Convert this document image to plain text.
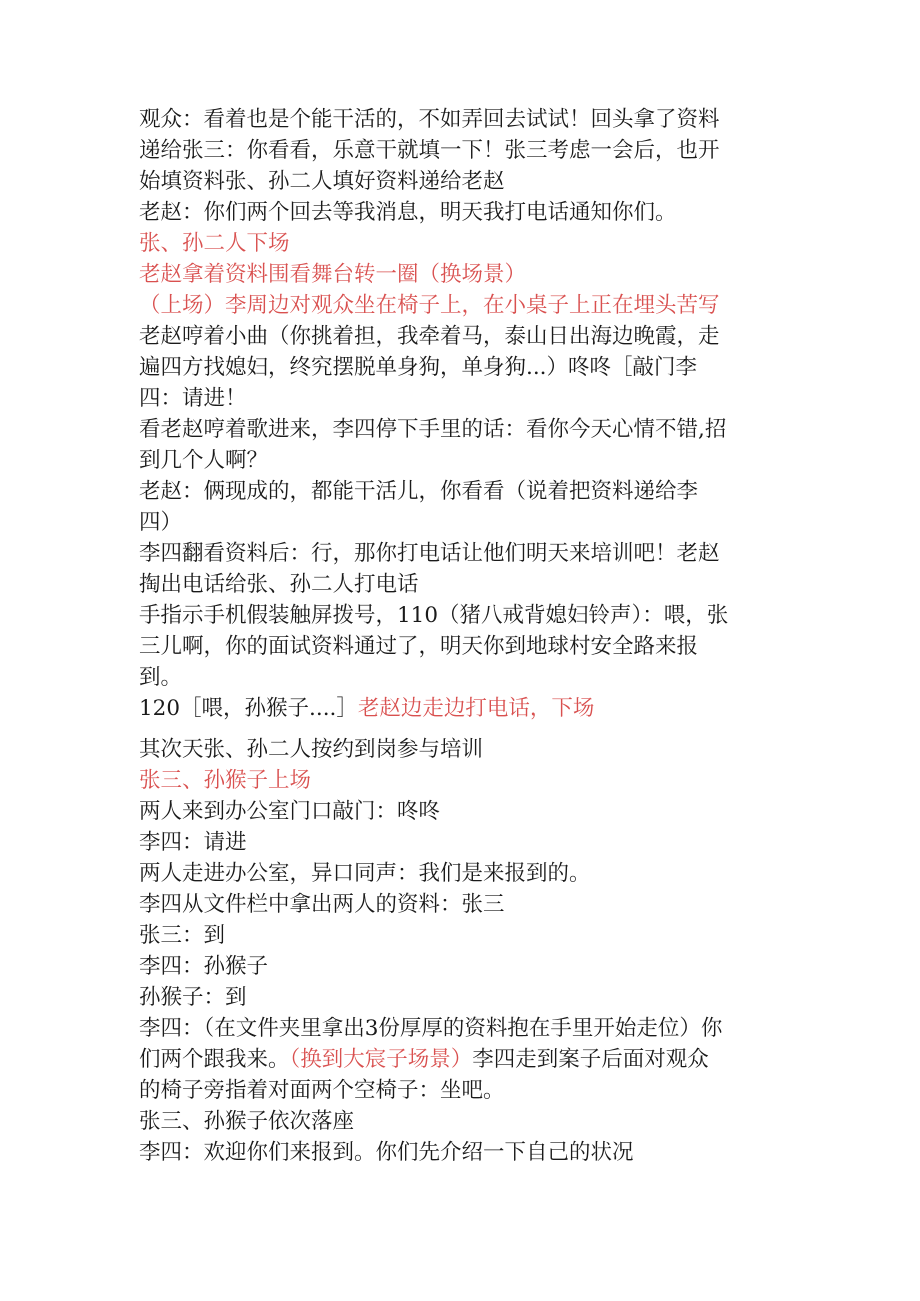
观众：看着也是个能干活的，不如弄回去试试！回头拿了资料
递给张三：你看看，乐意干就填一下！张三考虑一会后，也开
始填资料张、孙二人填好资料递给老赵
老赵：你们两个回去等我消息，明天我打电话通知你们。
张、孙二人下场
老赵拿着资料围看舞台转一圈（换场景）
（上场）李周边对观众坐在椅子上，在小桌子上正在埋头苦写
老赵哼着小曲（你挑着担，我牵着马，泰山日出海边晚霞，走
遍四方找媳妇，终究摆脱单身狗，单身狗...）咚咚［敲门李
四：请进！
看老赵哼着歌进来，李四停下手里的话：看你今天心情不错,招
到几个人啊？
老赵：俩现成的，都能干活儿，你看看（说着把资料递给李
四）
李四翻看资料后：行，那你打电话让他们明天来培训吧！老赵
掏出电话给张、孙二人打电话
手指示手机假装触屏拨号，110（猪八戒背媳妇铃声）：喂，张
三儿啊，你的面试资料通过了，明天你到地球村安全路来报
到。
120［喂，孙猴子....］老赵边走边打电话，下场
其次天张、孙二人按约到岗参与培训
张三、孙猴子上场
两人来到办公室门口敲门：咚咚
李四：请进
两人走进办公室，异口同声：我们是来报到的。
李四从文件栏中拿出两人的资料：张三
张三：到
李四：孙猴子
孙猴子：到
李四：（在文件夹里拿出3份厚厚的资料抱在手里开始走位）你
们两个跟我来。（换到大宸子场景）李四走到案子后面对观众
的椅子旁指着对面两个空椅子：坐吧。
张三、孙猴子依次落座
李四：欢迎你们来报到。你们先介绍一下自己的状况
